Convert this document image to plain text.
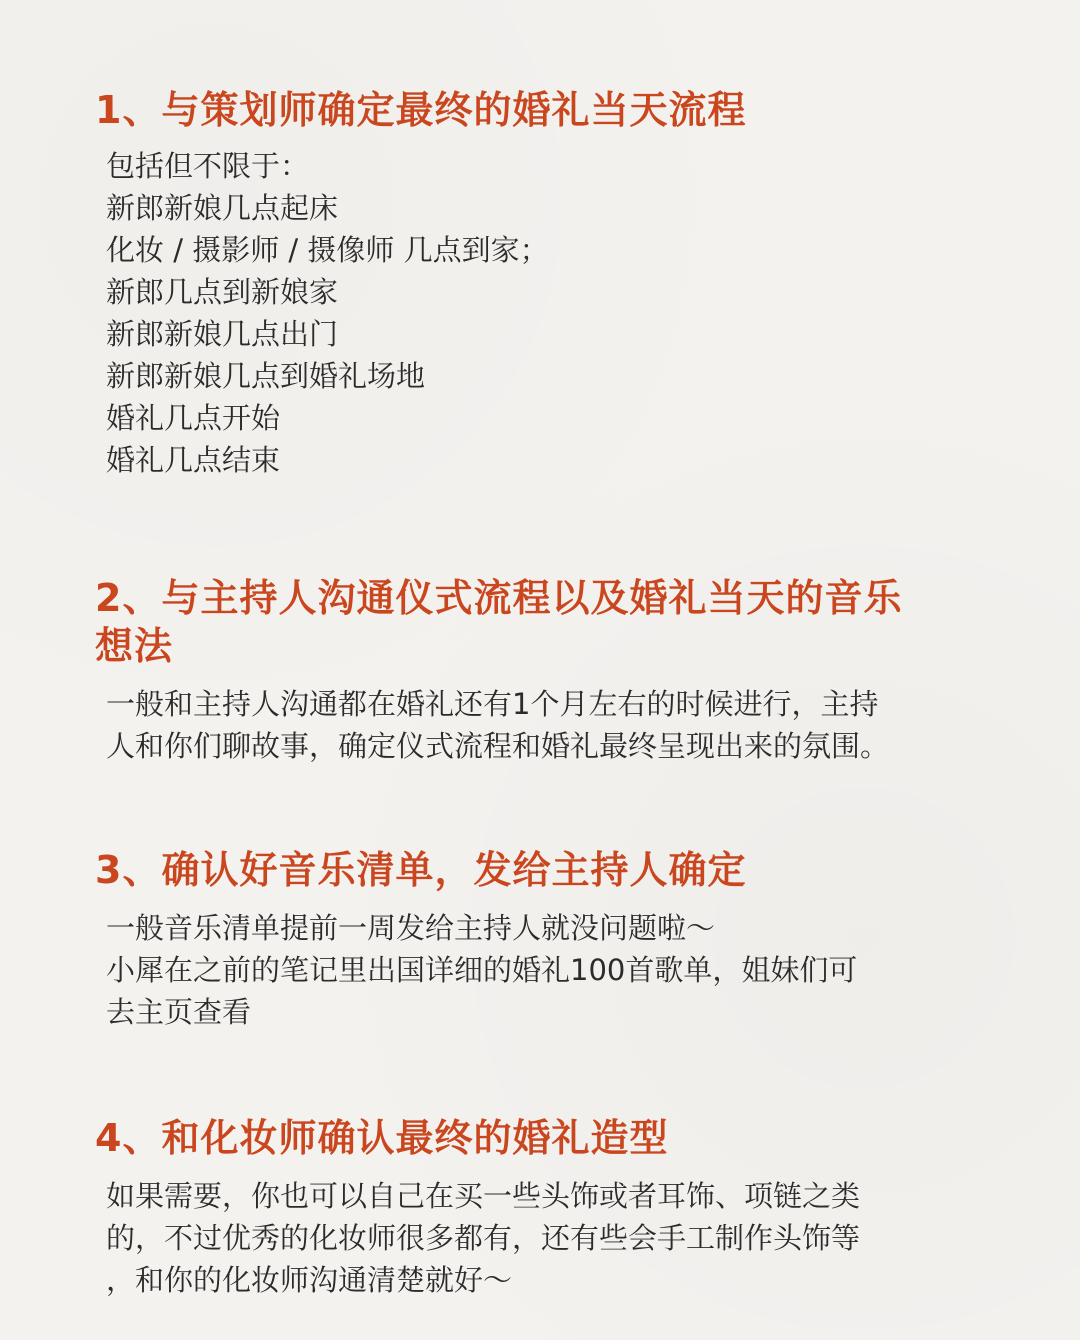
1、与策划师确定最终的婚礼当天流程
包括但不限于：
新郎新娘几点起床
化妆 / 摄影师 / 摄像师 几点到家；
新郎几点到新娘家
新郎新娘几点出门
新郎新娘几点到婚礼场地
婚礼几点开始
婚礼几点结束
2、与主持人沟通仪式流程以及婚礼当天的音乐
想法
一般和主持人沟通都在婚礼还有1个月左右的时候进行，主持
人和你们聊故事，确定仪式流程和婚礼最终呈现出来的氛围。
3、确认好音乐清单，发给主持人确定
一般音乐清单提前一周发给主持人就没问题啦～
小犀在之前的笔记里出国详细的婚礼100首歌单，姐妹们可
去主页查看
4、和化妆师确认最终的婚礼造型
如果需要，你也可以自己在买一些头饰或者耳饰、项链之类
的，不过优秀的化妆师很多都有，还有些会手工制作头饰等
，和你的化妆师沟通清楚就好～
